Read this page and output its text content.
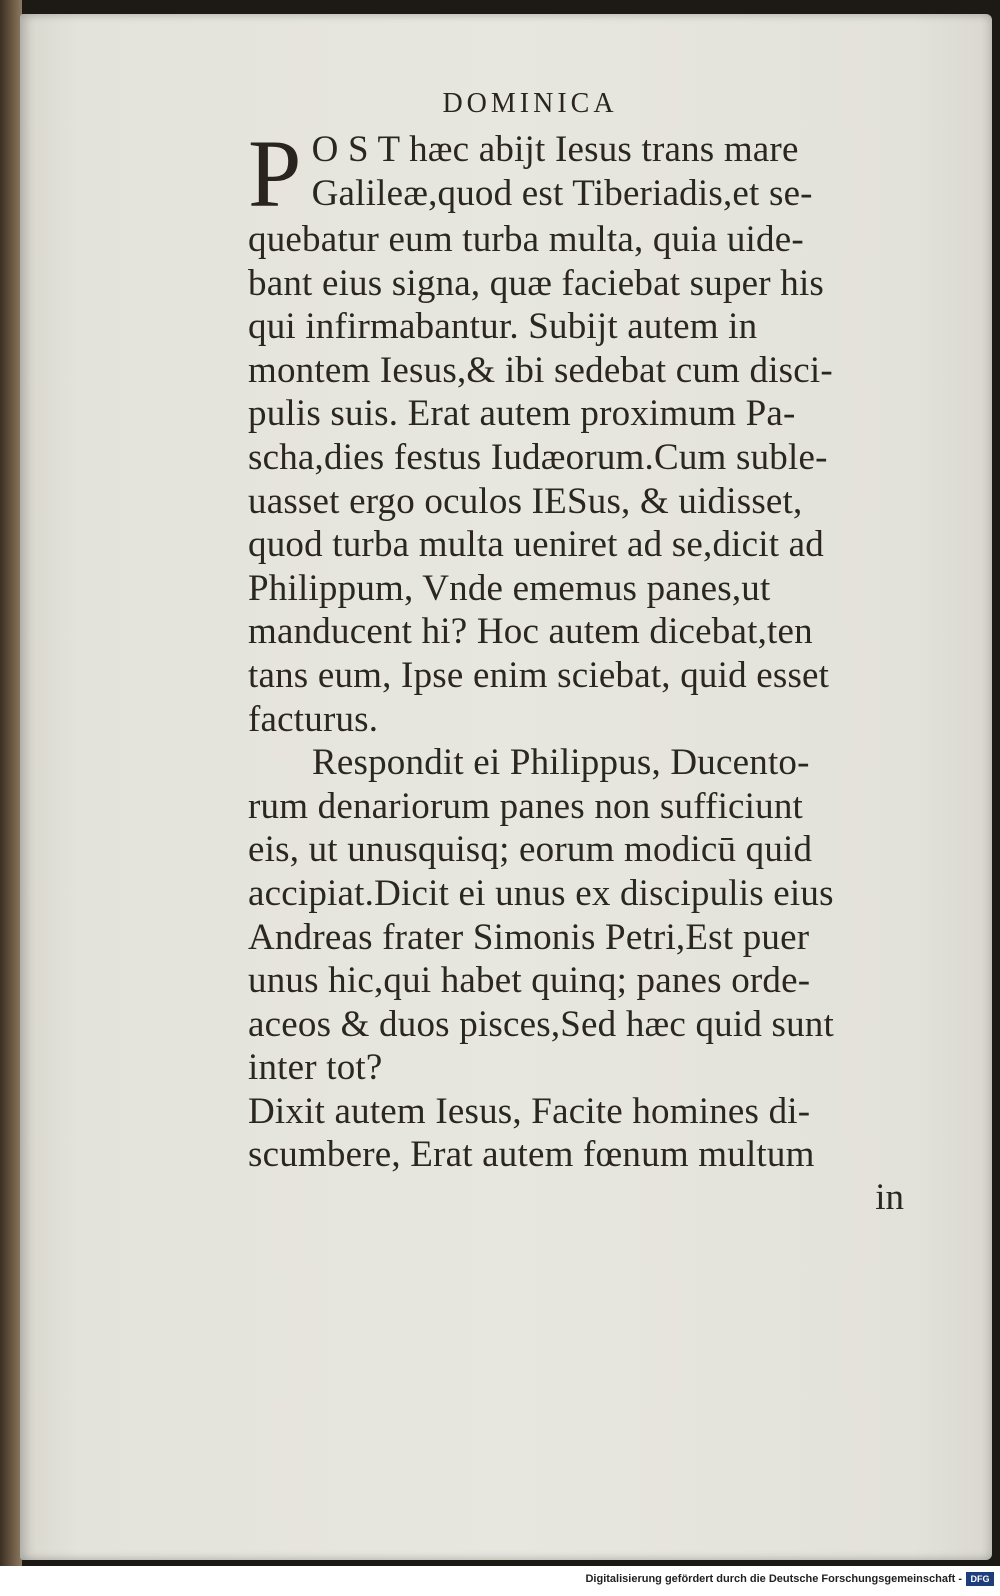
DOMINICA
P O S T hæc abijt Iesus trans mare
Galileæ,quod est Tiberiadis,et se-
quebatur eum turba multa, quia uide-
bant eius signa, quæ faciebat super his
qui infirmabantur. Subijt autem in
montem Iesus,& ibi sedebat cum disci-
pulis suis. Erat autem proximum Pa-
scha,dies festus Iudæorum.Cum suble-
uasset ergo oculos IESus, & uidisset,
quod turba multa ueniret ad se,dicit ad
Philippum, Vnde ememus panes,ut
manducent hi? Hoc autem dicebat,ten
tans eum, Ipse enim sciebat, quid esset
facturus.
Respondit ei Philippus, Ducento-
rum denariorum panes non sufficiunt
eis, ut unusquisq; eorum modicū quid
accipiat.Dicit ei unus ex discipulis eius
Andreas frater Simonis Petri,Est puer
unus hic,qui habet quinq; panes orde-
aceos & duos pisces,Sed hæc quid sunt
inter tot?
Dixit autem Iesus, Facite homines di-
scumbere, Erat autem fœnum multum
in
Digitalisierung gefördert durch die Deutsche Forschungsgemeinschaft - DFG
